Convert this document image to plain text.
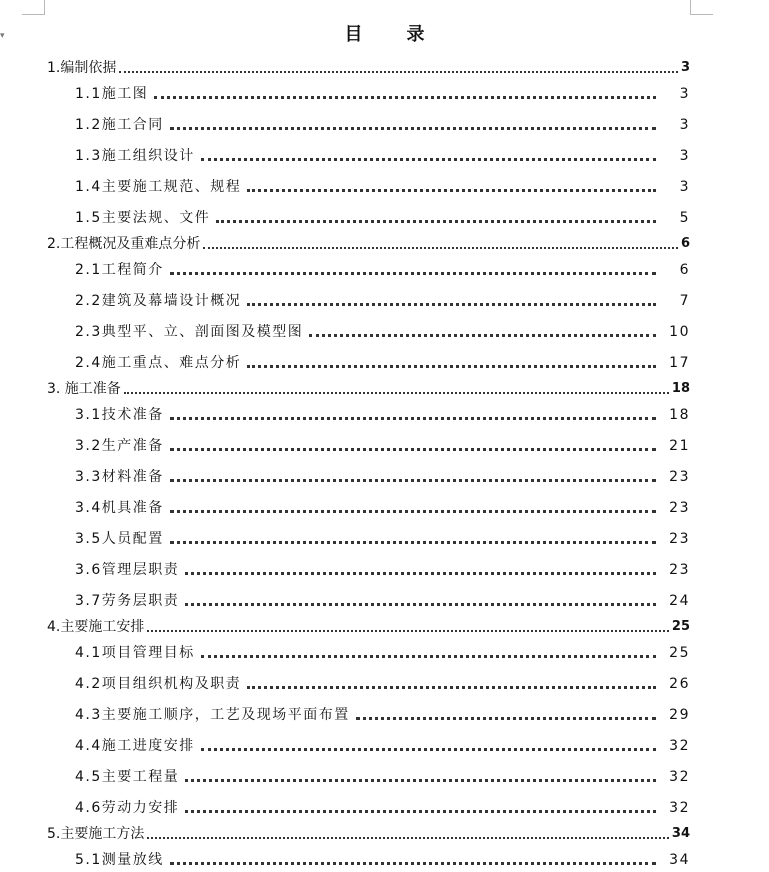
▾	目录
1.编制依据	3
1.1施工图	3
1.2施工合同	3
1.3施工组织设计	3
1.4主要施工规范、规程	3
1.5主要法规、文件	5
2.工程概况及重难点分析	6
2.1工程简介	6
2.2建筑及幕墙设计概况	7
2.3典型平、立、剖面图及模型图	10
2.4施工重点、难点分析	17
3. 施工准备	18
3.1技术准备	18
3.2生产准备	21
3.3材料准备	23
3.4机具准备	23
3.5人员配置	23
3.6管理层职责	23
3.7劳务层职责	24
4.主要施工安排	25
4.1项目管理目标	25
4.2项目组织机构及职责	26
4.3主要施工顺序，工艺及现场平面布置	29
4.4施工进度安排	32
4.5主要工程量	32
4.6劳动力安排	32
5.主要施工方法	34
5.1测量放线	34
